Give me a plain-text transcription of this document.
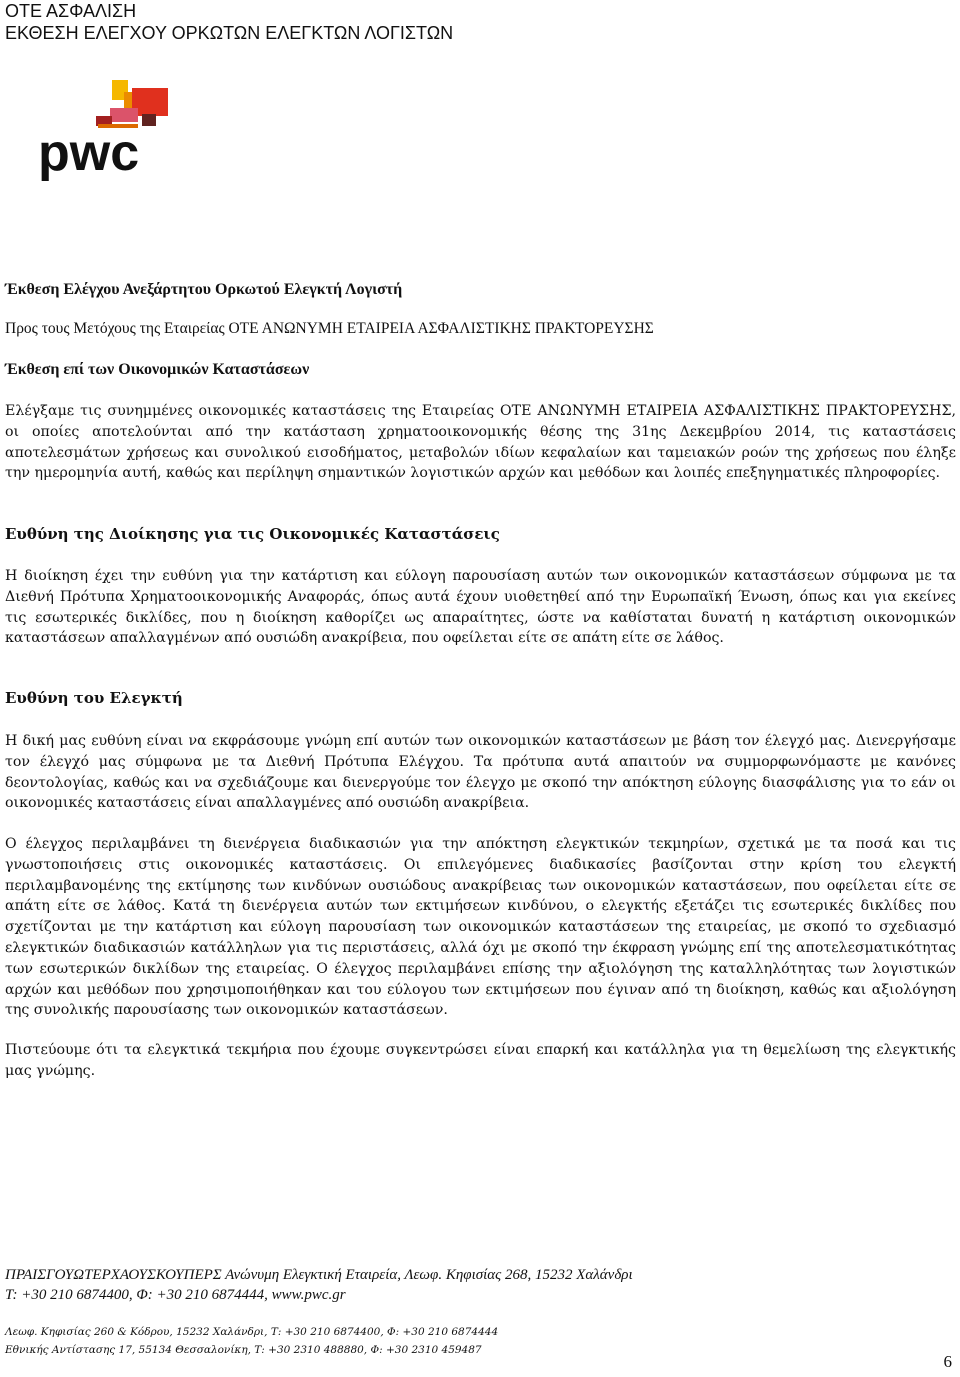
ΟΤΕ ΑΣΦΑΛΙΣΗ
ΕΚΘΕΣΗ ΕΛΕΓΧΟΥ ΟΡΚΩΤΩΝ ΕΛΕΓΚΤΩΝ ΛΟΓΙΣΤΩΝ
pwc
Έκθεση Ελέγχου Ανεξάρτητου Ορκωτού Ελεγκτή Λογιστή
Προς τους Μετόχους της Εταιρείας ΟΤΕ ΑΝΩΝΥΜΗ ΕΤΑΙΡΕΙΑ ΑΣΦΑΛΙΣΤΙΚΗΣ ΠΡΑΚΤΟΡΕΥΣΗΣ
Έκθεση επί των Οικονομικών Καταστάσεων
Ελέγξαμε τις συνημμένες οικονομικές καταστάσεις της Εταιρείας ΟΤΕ ΑΝΩΝΥΜΗ ΕΤΑΙΡΕΙΑ ΑΣΦΑΛΙΣΤΙΚΗΣ ΠΡΑΚΤΟΡΕΥΣΗΣ, οι οποίες αποτελούνται από την κατάσταση χρηματοοικονομικής θέσης της 31ης Δεκεμβρίου 2014, τις καταστάσεις αποτελεσμάτων χρήσεως και συνολικού εισοδήματος, μεταβολών ιδίων κεφαλαίων και ταμειακών ροών της χρήσεως που έληξε την ημερομηνία αυτή, καθώς και περίληψη σημαντικών λογιστικών αρχών και μεθόδων και λοιπές επεξηγηματικές πληροφορίες.
Ευθύνη της Διοίκησης για τις Οικονομικές Καταστάσεις
Η διοίκηση έχει την ευθύνη για την κατάρτιση και εύλογη παρουσίαση αυτών των οικονομικών καταστάσεων σύμφωνα με τα Διεθνή Πρότυπα Χρηματοοικονομικής Αναφοράς, όπως αυτά έχουν υιοθετηθεί από την Ευρωπαϊκή Ένωση, όπως και για εκείνες τις εσωτερικές δικλίδες, που η διοίκηση καθορίζει ως απαραίτητες, ώστε να καθίσταται δυνατή η κατάρτιση οικονομικών καταστάσεων απαλλαγμένων από ουσιώδη ανακρίβεια, που οφείλεται είτε σε απάτη είτε σε λάθος.
Ευθύνη του Ελεγκτή
Η δική μας ευθύνη είναι να εκφράσουμε γνώμη επί αυτών των οικονομικών καταστάσεων με βάση τον έλεγχό μας. Διενεργήσαμε τον έλεγχό μας σύμφωνα με τα Διεθνή Πρότυπα Ελέγχου. Τα πρότυπα αυτά απαιτούν να συμμορφωνόμαστε με κανόνες δεοντολογίας, καθώς και να σχεδιάζουμε και διενεργούμε τον έλεγχο με σκοπό την απόκτηση εύλογης διασφάλισης για το εάν οι οικονομικές καταστάσεις είναι απαλλαγμένες από ουσιώδη ανακρίβεια.
Ο έλεγχος περιλαμβάνει τη διενέργεια διαδικασιών για την απόκτηση ελεγκτικών τεκμηρίων, σχετικά με τα ποσά και τις γνωστοποιήσεις στις οικονομικές καταστάσεις. Οι επιλεγόμενες διαδικασίες βασίζονται στην κρίση του ελεγκτή περιλαμβανομένης της εκτίμησης των κινδύνων ουσιώδους ανακρίβειας των οικονομικών καταστάσεων, που οφείλεται είτε σε απάτη είτε σε λάθος. Κατά τη διενέργεια αυτών των εκτιμήσεων κινδύνου, ο ελεγκτής εξετάζει τις εσωτερικές δικλίδες που σχετίζονται με την κατάρτιση και εύλογη παρουσίαση των οικονομικών καταστάσεων της εταιρείας, με σκοπό το σχεδιασμό ελεγκτικών διαδικασιών κατάλληλων για τις περιστάσεις, αλλά όχι με σκοπό την έκφραση γνώμης επί της αποτελεσματικότητας των εσωτερικών δικλίδων της εταιρείας. Ο έλεγχος περιλαμβάνει επίσης την αξιολόγηση της καταλληλότητας των λογιστικών αρχών και μεθόδων που χρησιμοποιήθηκαν και του εύλογου των εκτιμήσεων που έγιναν από τη διοίκηση, καθώς και αξιολόγηση της συνολικής παρουσίασης των οικονομικών καταστάσεων.
Πιστεύουμε ότι τα ελεγκτικά τεκμήρια που έχουμε συγκεντρώσει είναι επαρκή και κατάλληλα για τη θεμελίωση της ελεγκτικής μας γνώμης.
ΠΡΑΙΣΓΟΥΩΤΕΡΧΑΟΥΣΚΟΥΠΕΡΣ Ανώνυμη Ελεγκτική Εταιρεία, Λεωφ. Κηφισίας 268, 15232 Χαλάνδρι
Τ: +30 210 6874400, Φ: +30 210 6874444, www.pwc.gr
Λεωφ. Κηφισίας 260 & Κόδρου, 15232 Χαλάνδρι, Τ: +30 210 6874400, Φ: +30 210 6874444
Εθνικής Αντίστασης 17, 55134 Θεσσαλονίκη, Τ: +30 2310 488880, Φ: +30 2310 459487
6
